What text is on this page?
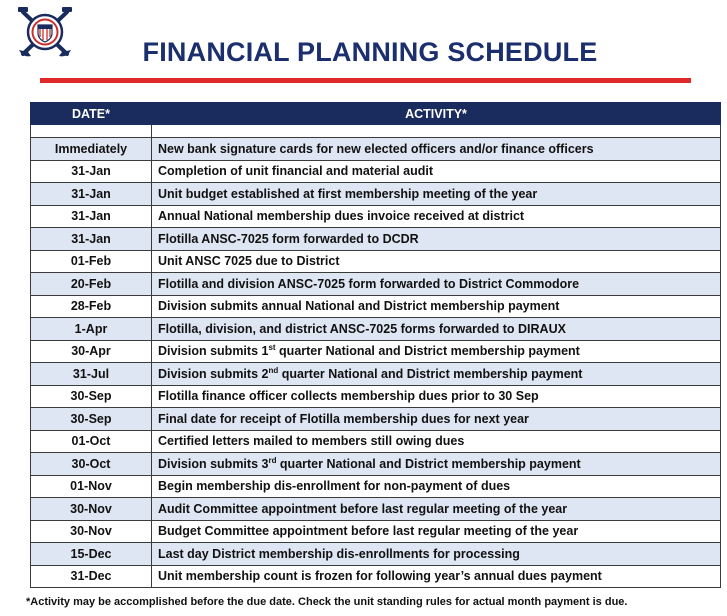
FINANCIAL PLANNING SCHEDULE
DATE*	ACTIVITY*

Immediately	New bank signature cards for new elected officers and/or finance officers
31-Jan	Completion of unit financial and material audit
31-Jan	Unit budget established at first membership meeting of the year
31-Jan	Annual National membership dues invoice received at district
31-Jan	Flotilla ANSC-7025 form forwarded to DCDR
01-Feb	Unit ANSC 7025 due to District
20-Feb	Flotilla and division ANSC-7025 form forwarded to District Commodore
28-Feb	Division submits annual National and District membership payment
1-Apr	Flotilla, division, and district ANSC-7025 forms forwarded to DIRAUX
30-Apr	Division submits 1st quarter National and District membership payment
31-Jul	Division submits 2nd quarter National and District membership payment
30-Sep	Flotilla finance officer collects membership dues prior to 30 Sep
30-Sep	Final date for receipt of Flotilla membership dues for next year
01-Oct	Certified letters mailed to members still owing dues
30-Oct	Division submits 3rd quarter National and District membership payment
01-Nov	Begin membership dis-enrollment for non-payment of dues
30-Nov	Audit Committee appointment before last regular meeting of the year
30-Nov	Budget Committee appointment before last regular meeting of the year
15-Dec	Last day District membership dis-enrollments for processing
31-Dec	Unit membership count is frozen for following year’s annual dues payment
*Activity may be accomplished before the due date. Check the unit standing rules for actual month payment is due.
